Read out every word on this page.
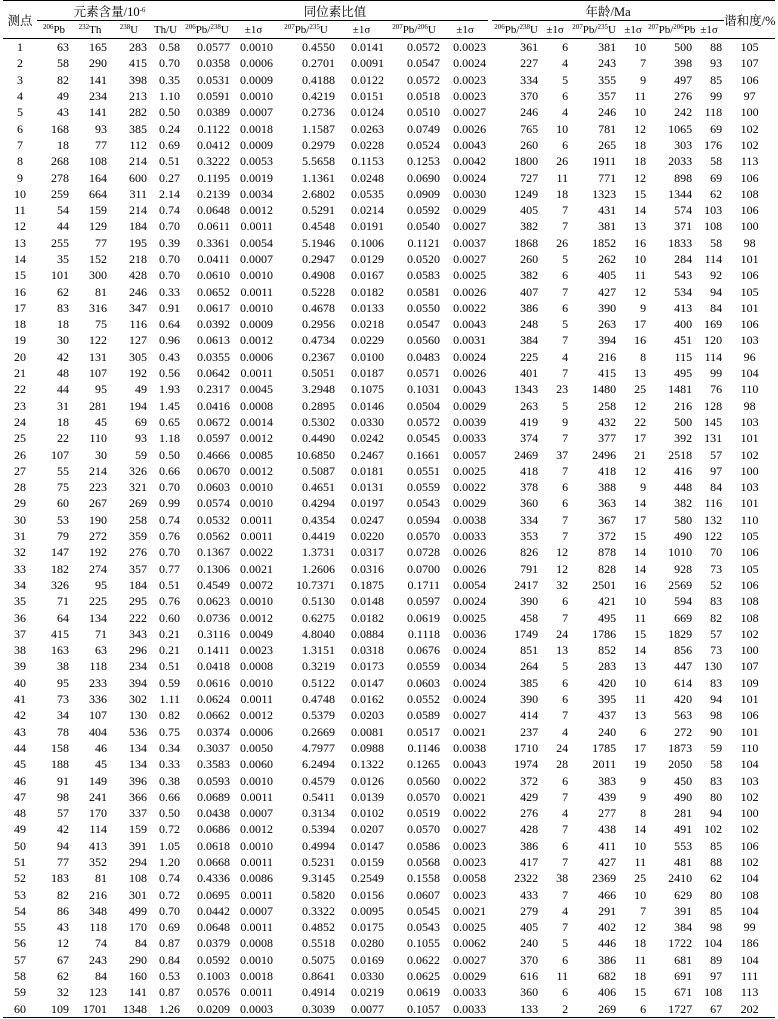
测点	元素含量$/10^{-6}$				同位素比值							年龄/Ma						谐和度/%
	$^{206}$Pb	$^{232}$Th	$^{238}$U	Th/U	$^{206}$Pb/$^{238}$U	±1σ	$^{207}$Pb/$^{235}$U	±1σ	$^{207}$Pb/$^{206}$U	±1σ		$^{206}$Pb/$^{238}$U	±1σ	$^{207}$Pb/$^{235}$U	±1σ	$^{207}$Pb/$^{206}$Pb	±1σ	
1	63	165	283	0.58	0.0577	0.0010	0.4550	0.0141	0.0572	0.0023		361	6	381	10	500	88	105
2	58	290	415	0.70	0.0358	0.0006	0.2701	0.0091	0.0547	0.0024		227	4	243	7	398	93	107
3	82	141	398	0.35	0.0531	0.0009	0.4188	0.0122	0.0572	0.0023		334	5	355	9	497	85	106
4	49	234	213	1.10	0.0591	0.0010	0.4219	0.0151	0.0518	0.0023		370	6	357	11	276	99	97
5	43	141	282	0.50	0.0389	0.0007	0.2736	0.0124	0.0510	0.0027		246	4	246	10	242	118	100
6	168	93	385	0.24	0.1122	0.0018	1.1587	0.0263	0.0749	0.0026		765	10	781	12	1065	69	102
7	18	77	112	0.69	0.0412	0.0009	0.2979	0.0228	0.0524	0.0043		260	6	265	18	303	176	102
8	268	108	214	0.51	0.3222	0.0053	5.5658	0.1153	0.1253	0.0042		1800	26	1911	18	2033	58	113
9	278	164	600	0.27	0.1195	0.0019	1.1361	0.0248	0.0690	0.0024		727	11	771	12	898	69	106
10	259	664	311	2.14	0.2139	0.0034	2.6802	0.0535	0.0909	0.0030		1249	18	1323	15	1344	62	108
11	54	159	214	0.74	0.0648	0.0012	0.5291	0.0214	0.0592	0.0029		405	7	431	14	574	103	106
12	44	129	184	0.70	0.0611	0.0011	0.4548	0.0191	0.0540	0.0027		382	7	381	13	371	108	100
13	255	77	195	0.39	0.3361	0.0054	5.1946	0.1006	0.1121	0.0037		1868	26	1852	16	1833	58	98
14	35	152	218	0.70	0.0411	0.0007	0.2947	0.0129	0.0520	0.0027		260	5	262	10	284	114	101
15	101	300	428	0.70	0.0610	0.0010	0.4908	0.0167	0.0583	0.0025		382	6	405	11	543	92	106
16	62	81	246	0.33	0.0652	0.0011	0.5228	0.0182	0.0581	0.0026		407	7	427	12	534	94	105
17	83	316	347	0.91	0.0617	0.0010	0.4678	0.0133	0.0550	0.0022		386	6	390	9	413	84	101
18	18	75	116	0.64	0.0392	0.0009	0.2956	0.0218	0.0547	0.0043		248	5	263	17	400	169	106
19	30	122	127	0.96	0.0613	0.0012	0.4734	0.0229	0.0560	0.0031		384	7	394	16	451	120	103
20	42	131	305	0.43	0.0355	0.0006	0.2367	0.0100	0.0483	0.0024		225	4	216	8	115	114	96
21	48	107	192	0.56	0.0642	0.0011	0.5051	0.0187	0.0571	0.0026		401	7	415	13	495	99	104
22	44	95	49	1.93	0.2317	0.0045	3.2948	0.1075	0.1031	0.0043		1343	23	1480	25	1481	76	110
23	31	281	194	1.45	0.0416	0.0008	0.2895	0.0146	0.0504	0.0029		263	5	258	12	216	128	98
24	18	45	69	0.65	0.0672	0.0014	0.5302	0.0330	0.0572	0.0039		419	9	432	22	500	145	103
25	22	110	93	1.18	0.0597	0.0012	0.4490	0.0242	0.0545	0.0033		374	7	377	17	392	131	101
26	107	30	59	0.50	0.4666	0.0085	10.6850	0.2467	0.1661	0.0057		2469	37	2496	21	2518	57	102
27	55	214	326	0.66	0.0670	0.0012	0.5087	0.0181	0.0551	0.0025		418	7	418	12	416	97	100
28	75	223	321	0.70	0.0603	0.0010	0.4651	0.0131	0.0559	0.0022		378	6	388	9	448	84	103
29	60	267	269	0.99	0.0574	0.0010	0.4294	0.0197	0.0543	0.0029		360	6	363	14	382	116	101
30	53	190	258	0.74	0.0532	0.0011	0.4354	0.0247	0.0594	0.0038		334	7	367	17	580	132	110
31	79	272	359	0.76	0.0562	0.0011	0.4419	0.0220	0.0570	0.0033		353	7	372	15	490	122	105
32	147	192	276	0.70	0.1367	0.0022	1.3731	0.0317	0.0728	0.0026		826	12	878	14	1010	70	106
33	182	274	357	0.77	0.1306	0.0021	1.2606	0.0316	0.0700	0.0026		791	12	828	14	928	73	105
34	326	95	184	0.51	0.4549	0.0072	10.7371	0.1875	0.1711	0.0054		2417	32	2501	16	2569	52	106
35	71	225	295	0.76	0.0623	0.0010	0.5130	0.0148	0.0597	0.0024		390	6	421	10	594	83	108
36	64	134	222	0.60	0.0736	0.0012	0.6275	0.0182	0.0619	0.0025		458	7	495	11	669	82	108
37	415	71	343	0.21	0.3116	0.0049	4.8040	0.0884	0.1118	0.0036		1749	24	1786	15	1829	57	102
38	163	63	296	0.21	0.1411	0.0023	1.3151	0.0318	0.0676	0.0024		851	13	852	14	856	73	100
39	38	118	234	0.51	0.0418	0.0008	0.3219	0.0173	0.0559	0.0034		264	5	283	13	447	130	107
40	95	233	394	0.59	0.0616	0.0010	0.5122	0.0147	0.0603	0.0024		385	6	420	10	614	83	109
41	73	336	302	1.11	0.0624	0.0011	0.4748	0.0162	0.0552	0.0024		390	6	395	11	420	94	101
42	34	107	130	0.82	0.0662	0.0012	0.5379	0.0203	0.0589	0.0027		414	7	437	13	563	98	106
43	78	404	536	0.75	0.0374	0.0006	0.2669	0.0081	0.0517	0.0021		237	4	240	6	272	90	101
44	158	46	134	0.34	0.3037	0.0050	4.7977	0.0988	0.1146	0.0038		1710	24	1785	17	1873	59	110
45	188	45	134	0.33	0.3583	0.0060	6.2494	0.1322	0.1265	0.0043		1974	28	2011	19	2050	58	104
46	91	149	396	0.38	0.0593	0.0010	0.4579	0.0126	0.0560	0.0022		372	6	383	9	450	83	103
47	98	241	366	0.66	0.0689	0.0011	0.5411	0.0139	0.0570	0.0021		429	7	439	9	490	80	102
48	57	170	337	0.50	0.0438	0.0007	0.3134	0.0102	0.0519	0.0022		276	4	277	8	281	94	100
49	42	114	159	0.72	0.0686	0.0012	0.5394	0.0207	0.0570	0.0027		428	7	438	14	491	102	102
50	94	413	391	1.05	0.0618	0.0010	0.4994	0.0147	0.0586	0.0023		386	6	411	10	553	85	106
51	77	352	294	1.20	0.0668	0.0011	0.5231	0.0159	0.0568	0.0023		417	7	427	11	481	88	102
52	183	81	108	0.74	0.4336	0.0086	9.3145	0.2549	0.1558	0.0058		2322	38	2369	25	2410	62	104
53	82	216	301	0.72	0.0695	0.0011	0.5820	0.0156	0.0607	0.0023		433	7	466	10	629	80	108
54	86	348	499	0.70	0.0442	0.0007	0.3322	0.0095	0.0545	0.0021		279	4	291	7	391	85	104
55	43	118	170	0.69	0.0648	0.0011	0.4852	0.0175	0.0543	0.0025		405	7	402	12	384	98	99
56	12	74	84	0.87	0.0379	0.0008	0.5518	0.0280	0.1055	0.0062		240	5	446	18	1722	104	186
57	67	243	290	0.84	0.0592	0.0010	0.5075	0.0169	0.0622	0.0027		370	6	386	11	681	89	104
58	62	84	160	0.53	0.1003	0.0018	0.8641	0.0330	0.0625	0.0029		616	11	682	18	691	97	111
59	32	123	141	0.87	0.0576	0.0011	0.4914	0.0219	0.0619	0.0033		360	6	406	15	671	108	113
60	109	1701	1348	1.26	0.0209	0.0003	0.3039	0.0077	0.1057	0.0033		133	2	269	6	1727	67	202
